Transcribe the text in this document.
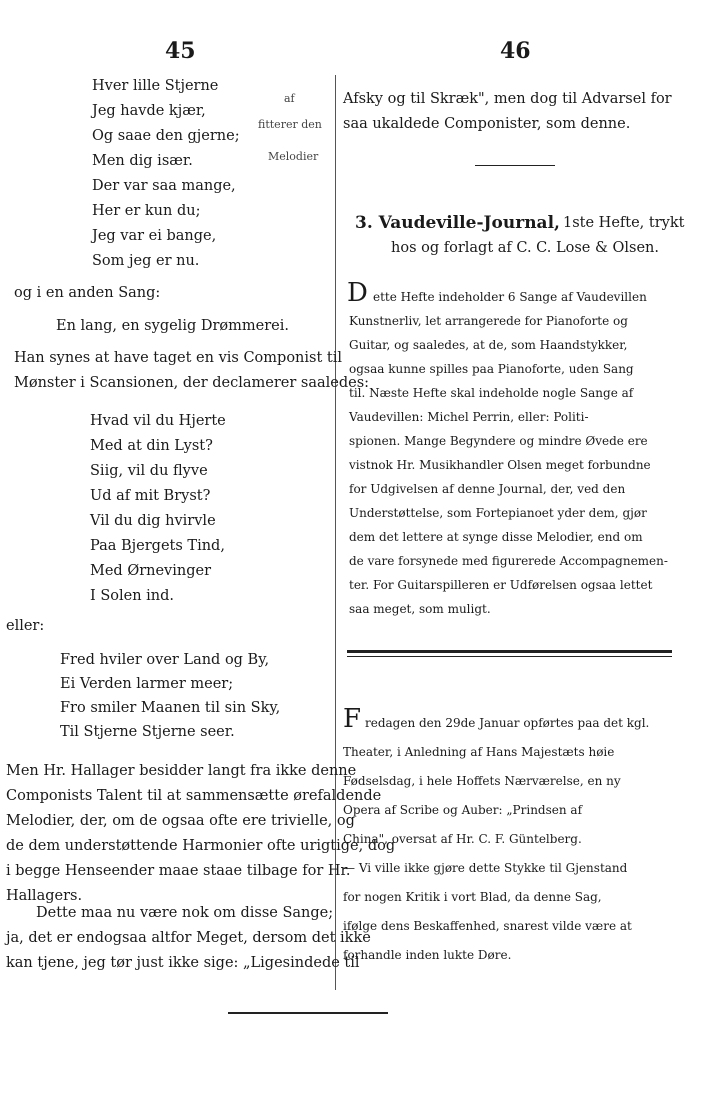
45	46
Hver lille Stjerne
Jeg havde kjær,
Og saae den gjerne;
Men dig især.
Der var saa mange,
Her er kun du;
Jeg var ei bange,
Som jeg er nu.
af
fitterer den
Melodier
og i en anden Sang:
En lang, en sygelig Drømmerei.
Han synes at have taget en vis Componist til
Mønster i Scansionen, der declamerer saaledes:
Hvad vil du Hjerte
Med at din Lyst?
Siig, vil du flyve
Ud af mit Bryst?
Vil du dig hvirvle
Paa Bjergets Tind,
Med Ørnevinger
I Solen ind.
eller:
Fred hviler over Land og By,
Ei Verden larmer meer;
Fro smiler Maanen til sin Sky,
Til Stjerne Stjerne seer.
Men Hr. Hallager besidder langt fra ikke denne
Componists Talent til at sammensætte ørefaldende
Melodier, der, om de ogsaa ofte ere trivielle, og
de dem understøttende Harmonier ofte urigtige, dog
i begge Henseender maae staae tilbage for Hr.
Hallagers.
Dette maa nu være nok om disse Sange;
ja, det er endogsaa altfor Meget, dersom det ikke
kan tjene, jeg tør just ikke sige: „Ligesindede til
Afsky og til Skræk", men dog til Advarsel for
saa ukaldede Componister, som denne.
3. Vaudeville-Journal, 1ste Hefte, trykt
hos og forlagt af C. C. Lose & Olsen.
D ette Hefte indeholder 6 Sange af Vaudevillen
Kunstnerliv, let arrangerede for Pianoforte og
Guitar, og saaledes, at de, som Haandstykker,
ogsaa kunne spilles paa Pianoforte, uden Sang
til. Næste Hefte skal indeholde nogle Sange af
Vaudevillen: Michel Perrin, eller: Politi-
spionen. Mange Begyndere og mindre Øvede ere
vistnok Hr. Musikhandler Olsen meget forbundne
for Udgivelsen af denne Journal, der, ved den
Understøttelse, som Fortepianoet yder dem, gjør
dem det lettere at synge disse Melodier, end om
de vare forsynede med figurerede Accompagnemen-
ter. For Guitarspilleren er Udførelsen ogsaa lettet
saa meget, som muligt.
F redagen den 29de Januar opførtes paa det kgl.
Theater, i Anledning af Hans Majestæts høie
Fødselsdag, i hele Hoffets Nærværelse, en ny
Opera af Scribe og Auber: „Prindsen af
China", oversat af Hr. C. F. Güntelberg.
— Vi ville ikke gjøre dette Stykke til Gjenstand
for nogen Kritik i vort Blad, da denne Sag,
ifølge dens Beskaffenhed, snarest vilde være at
forhandle inden lukte Døre.
